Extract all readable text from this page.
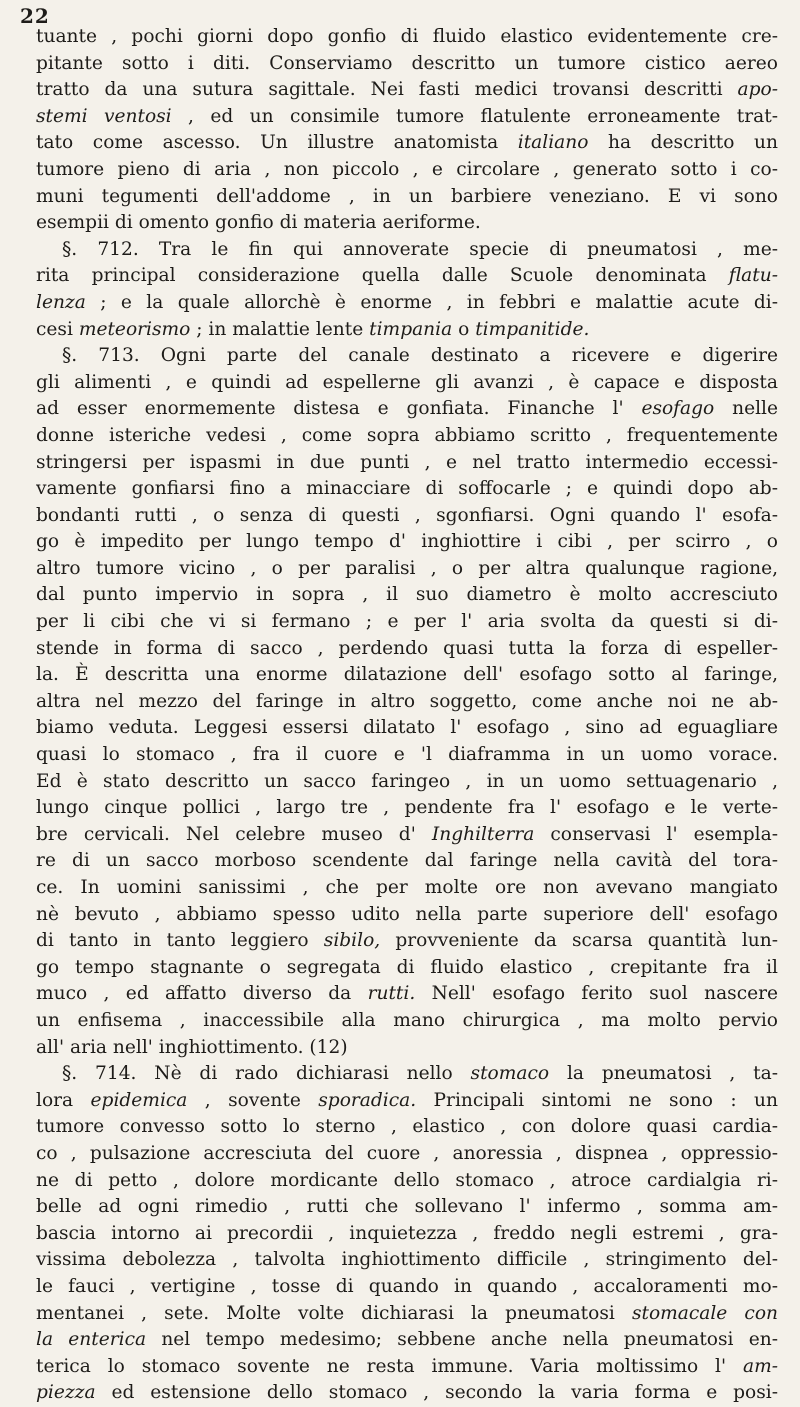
22
tuante , pochi giorni dopo gonfio di fluido elastico evidentemente cre-
pitante sotto i diti. Conserviamo descritto un tumore cistico aereo
tratto da una sutura sagittale. Nei fasti medici trovansi descritti apo-
stemi ventosi , ed un consimile tumore flatulente erroneamente trat-
tato come ascesso. Un illustre anatomista italiano ha descritto un
tumore pieno di aria , non piccolo , e circolare , generato sotto i co-
muni tegumenti dell'addome , in un barbiere veneziano. E vi sono
esempii di omento gonfio di materia aeriforme.
§. 712. Tra le fin qui annoverate specie di pneumatosi , me-
rita principal considerazione quella dalle Scuole denominata flatu-
lenza ; e la quale allorchè è enorme , in febbri e malattie acute di-
cesi meteorismo ; in malattie lente timpania o timpanitide.
§. 713. Ogni parte del canale destinato a ricevere e digerire
gli alimenti , e quindi ad espellerne gli avanzi , è capace e disposta
ad esser enormemente distesa e gonfiata. Finanche l' esofago nelle
donne isteriche vedesi , come sopra abbiamo scritto , frequentemente
stringersi per ispasmi in due punti , e nel tratto intermedio eccessi-
vamente gonfiarsi fino a minacciare di soffocarle ; e quindi dopo ab-
bondanti rutti , o senza di questi , sgonfiarsi. Ogni quando l' esofa-
go è impedito per lungo tempo d' inghiottire i cibi , per scirro , o
altro tumore vicino , o per paralisi , o per altra qualunque ragione,
dal punto impervio in sopra , il suo diametro è molto accresciuto
per li cibi che vi si fermano ; e per l' aria svolta da questi si di-
stende in forma di sacco , perdendo quasi tutta la forza di espeller-
la. È descritta una enorme dilatazione dell' esofago sotto al faringe,
altra nel mezzo del faringe in altro soggetto, come anche noi ne ab-
biamo veduta. Leggesi essersi dilatato l' esofago , sino ad eguagliare
quasi lo stomaco , fra il cuore e 'l diaframma in un uomo vorace.
Ed è stato descritto un sacco faringeo , in un uomo settuagenario ,
lungo cinque pollici , largo tre , pendente fra l' esofago e le verte-
bre cervicali. Nel celebre museo d' Inghilterra conservasi l' esempla-
re di un sacco morboso scendente dal faringe nella cavità del tora-
ce. In uomini sanissimi , che per molte ore non avevano mangiato
nè bevuto , abbiamo spesso udito nella parte superiore dell' esofago
di tanto in tanto leggiero sibilo, provveniente da scarsa quantità lun-
go tempo stagnante o segregata di fluido elastico , crepitante fra il
muco , ed affatto diverso da rutti. Nell' esofago ferito suol nascere
un enfisema , inaccessibile alla mano chirurgica , ma molto pervio
all' aria nell' inghiottimento. (12)
§. 714. Nè di rado dichiarasi nello stomaco la pneumatosi , ta-
lora epidemica , sovente sporadica. Principali sintomi ne sono : un
tumore convesso sotto lo sterno , elastico , con dolore quasi cardia-
co , pulsazione accresciuta del cuore , anoressia , dispnea , oppressio-
ne di petto , dolore mordicante dello stomaco , atroce cardialgia ri-
belle ad ogni rimedio , rutti che sollevano l' infermo , somma am-
bascia intorno ai precordii , inquietezza , freddo negli estremi , gra-
vissima debolezza , talvolta inghiottimento difficile , stringimento del-
le fauci , vertigine , tosse di quando in quando , accaloramenti mo-
mentanei , sete. Molte volte dichiarasi la pneumatosi stomacale con
la enterica nel tempo medesimo; sebbene anche nella pneumatosi en-
terica lo stomaco sovente ne resta immune. Varia moltissimo l' am-
piezza ed estensione dello stomaco , secondo la varia forma e posi-
